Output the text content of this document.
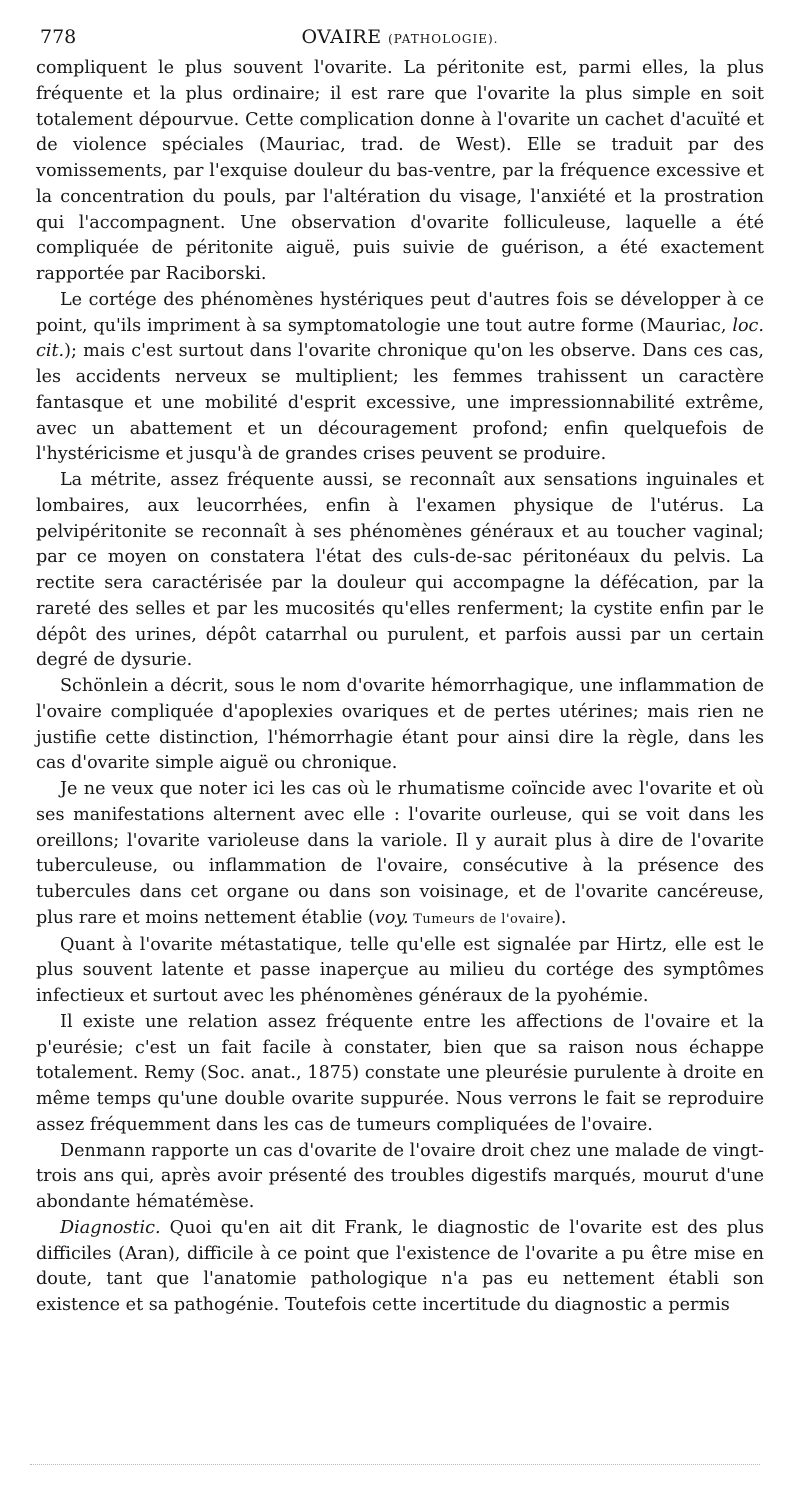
778	OVAIRE (PATHOLOGIE).

compliquent le plus souvent l'ovarite. La péritonite est, parmi elles, la plus fréquente et la plus ordinaire; il est rare que l'ovarite la plus simple en soit totalement dépourvue. Cette complication donne à l'ovarite un cachet d'acuïté et de violence spéciales (Mauriac, trad. de West). Elle se traduit par des vomissements, par l'exquise douleur du bas-ventre, par la fréquence excessive et la concentration du pouls, par l'altération du visage, l'anxiété et la prostration qui l'accompagnent. Une observation d'ovarite folliculeuse, laquelle a été compliquée de péritonite aiguë, puis suivie de guérison, a été exactement rapportée par Raciborski.

Le cortége des phénomènes hystériques peut d'autres fois se développer à ce point, qu'ils impriment à sa symptomatologie une tout autre forme (Mauriac, loc. cit.); mais c'est surtout dans l'ovarite chronique qu'on les observe. Dans ces cas, les accidents nerveux se multiplient; les femmes trahissent un caractère fantasque et une mobilité d'esprit excessive, une impressionnabilité extrême, avec un abattement et un découragement profond; enfin quelquefois de l'hystéricisme et jusqu'à de grandes crises peuvent se produire.

La métrite, assez fréquente aussi, se reconnaît aux sensations inguinales et lombaires, aux leucorrhées, enfin à l'examen physique de l'utérus. La pelvipéritonite se reconnaît à ses phénomènes généraux et au toucher vaginal; par ce moyen on constatera l'état des culs-de-sac péritonéaux du pelvis. La rectite sera caractérisée par la douleur qui accompagne la défécation, par la rareté des selles et par les mucosités qu'elles renferment; la cystite enfin par le dépôt des urines, dépôt catarrhal ou purulent, et parfois aussi par un certain degré de dysurie.

Schönlein a décrit, sous le nom d'ovarite hémorrhagique, une inflammation de l'ovaire compliquée d'apoplexies ovariques et de pertes utérines; mais rien ne justifie cette distinction, l'hémorrhagie étant pour ainsi dire la règle, dans les cas d'ovarite simple aiguë ou chronique.

Je ne veux que noter ici les cas où le rhumatisme coïncide avec l'ovarite et où ses manifestations alternent avec elle : l'ovarite ourleuse, qui se voit dans les oreillons; l'ovarite varioleuse dans la variole. Il y aurait plus à dire de l'ovarite tuberculeuse, ou inflammation de l'ovaire, consécutive à la présence des tubercules dans cet organe ou dans son voisinage, et de l'ovarite cancéreuse, plus rare et moins nettement établie (voy. Tumeurs de l'ovaire).

Quant à l'ovarite métastatique, telle qu'elle est signalée par Hirtz, elle est le plus souvent latente et passe inaperçue au milieu du cortége des symptômes infectieux et surtout avec les phénomènes généraux de la pyohémie.

Il existe une relation assez fréquente entre les affections de l'ovaire et la p'eurésie; c'est un fait facile à constater, bien que sa raison nous échappe totalement. Remy (Soc. anat., 1875) constate une pleurésie purulente à droite en même temps qu'une double ovarite suppurée. Nous verrons le fait se reproduire assez fréquemment dans les cas de tumeurs compliquées de l'ovaire.

Denmann rapporte un cas d'ovarite de l'ovaire droit chez une malade de vingt-trois ans qui, après avoir présenté des troubles digestifs marqués, mourut d'une abondante hématémèse.

Diagnostic. Quoi qu'en ait dit Frank, le diagnostic de l'ovarite est des plus difficiles (Aran), difficile à ce point que l'existence de l'ovarite a pu être mise en doute, tant que l'anatomie pathologique n'a pas eu nettement établi son existence et sa pathogénie. Toutefois cette incertitude du diagnostic a permis
